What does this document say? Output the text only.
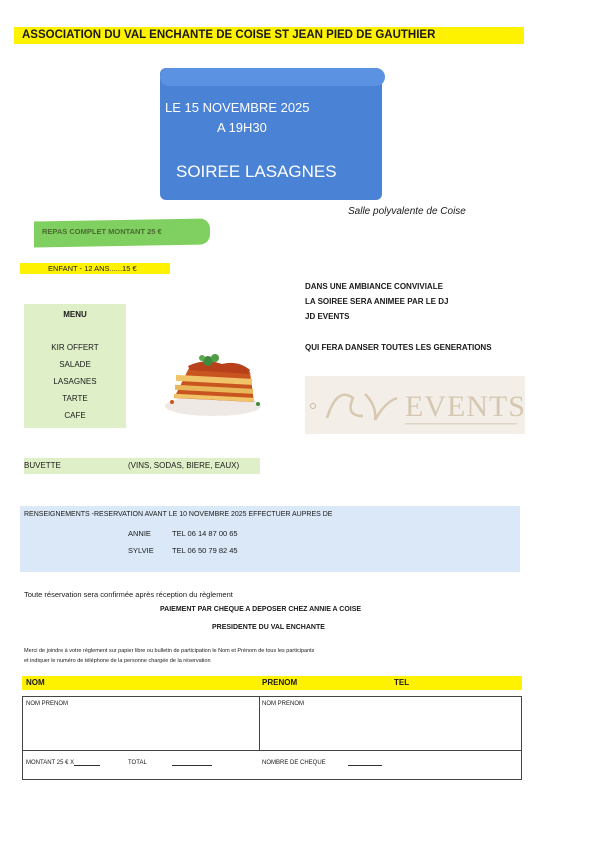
ASSOCIATION DU VAL ENCHANTE DE COISE ST JEAN PIED DE GAUTHIER
LE 15 NOVEMBRE 2025
A 19H30
SOIREE LASAGNES
Salle polyvalente de Coise
REPAS COMPLET MONTANT 25 €
ENFANT - 12 ANS......15 €
DANS UNE AMBIANCE CONVIVIALE
LA SOIREE SERA ANIMEE PAR LE DJ
JD EVENTS
QUI FERA DANSER TOUTES LES GENERATIONS
MENU
KIR OFFERT
SALADE
LASAGNES
TARTE
CAFE	EVENTS
BUVETTE	(VINS, SODAS, BIERE, EAUX)
RENSEIGNEMENTS -RESERVATION AVANT LE 10 NOVEMBRE 2025 EFFECTUER AUPRES DE
ANNIE	TEL 06 14 87 00 65
SYLVIE TEL 06 50 79 82 45
Toute réservation sera confirmée après réception du règlement
PAIEMENT PAR CHEQUE A DEPOSER CHEZ ANNIE A COISE
PRESIDENTE DU VAL ENCHANTE
Merci de joindre à votre règlement sur papier libre ou bulletin de participation le Nom et Prénom de tous les participants
et indiquer le numéro de téléphone de la personne chargée de la réservation
NOM	PRENOM	TEL
NOM PRENOM	NOM PRENOM
MONTANT 25 € X	TOTAL	NOMBRE DE CHEQUE
